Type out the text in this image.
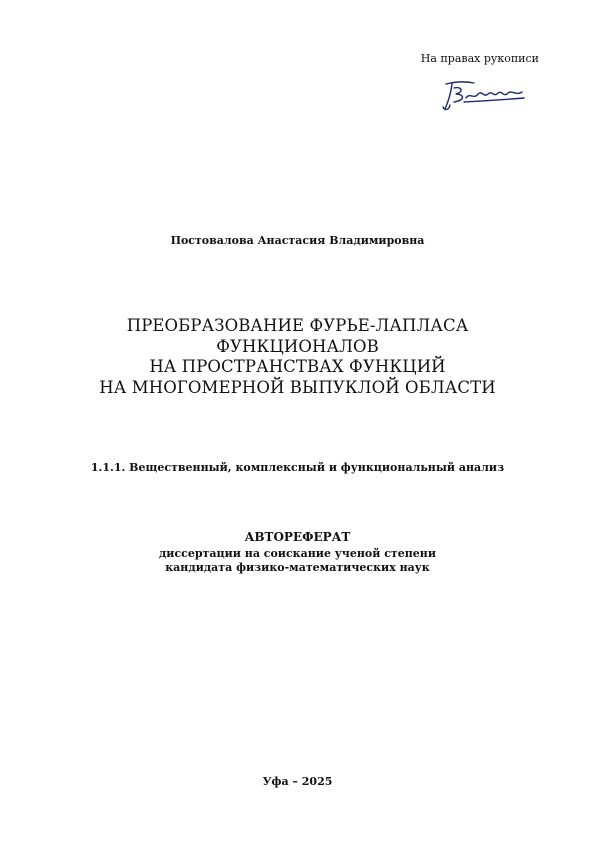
На правах рукописи
Постовалова Анастасия Владимировна
ПРЕОБРАЗОВАНИЕ ФУРЬЕ-ЛАПЛАСА
ФУНКЦИОНАЛОВ
НА ПРОСТРАНСТВАХ ФУНКЦИЙ
НА МНОГОМЕРНОЙ ВЫПУКЛОЙ ОБЛАСТИ
1.1.1. Вещественный, комплексный и функциональный анализ
АВТОРЕФЕРАТ
диссертации на соискание ученой степени
кандидата физико-математических наук
Уфа – 2025
